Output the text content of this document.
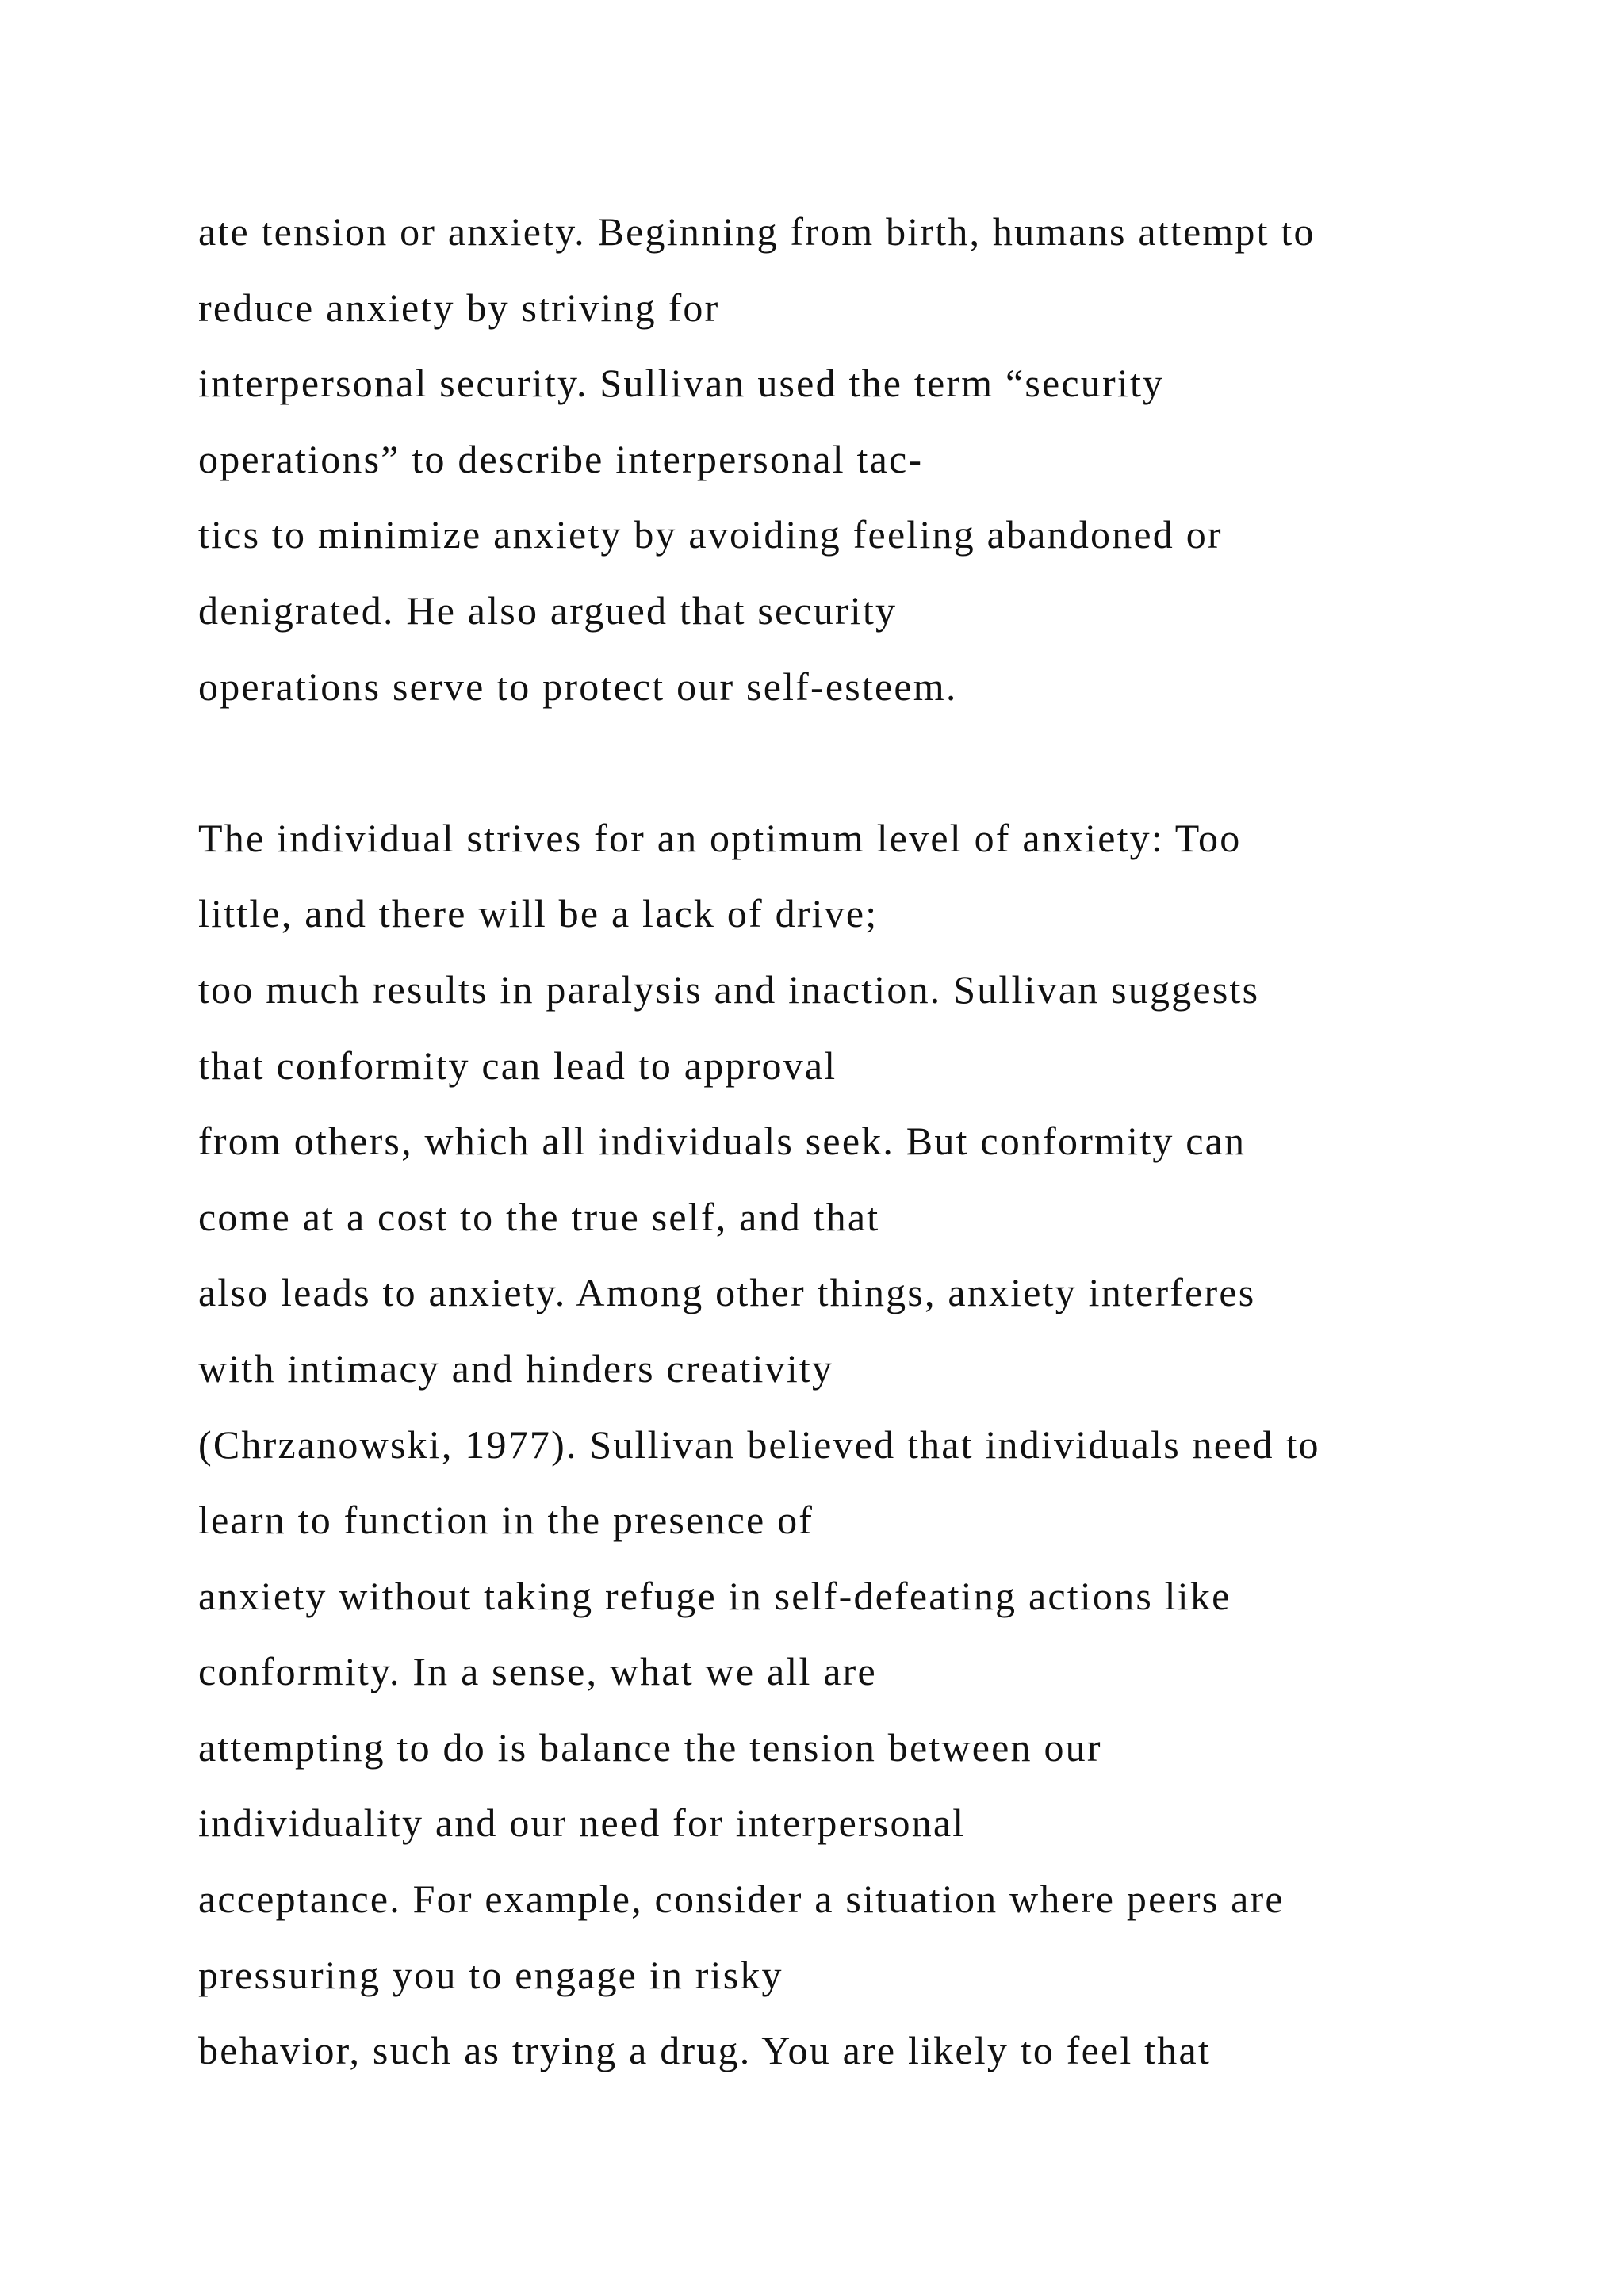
ate tension or anxiety. Beginning from birth, humans attempt to
reduce anxiety by striving for
interpersonal security. Sullivan used the term “security
operations” to describe interpersonal tac-
tics to minimize anxiety by avoiding feeling abandoned or
denigrated. He also argued that security
operations serve to protect our self-esteem.
The individual strives for an optimum level of anxiety: Too
little, and there will be a lack of drive;
too much results in paralysis and inaction. Sullivan suggests
that conformity can lead to approval
from others, which all individuals seek. But conformity can
come at a cost to the true self, and that
also leads to anxiety. Among other things, anxiety interferes
with intimacy and hinders creativity
(Chrzanowski, 1977). Sullivan believed that individuals need to
learn to function in the presence of
anxiety without taking refuge in self-defeating actions like
conformity. In a sense, what we all are
attempting to do is balance the tension between our
individuality and our need for interpersonal
acceptance. For example, consider a situation where peers are
pressuring you to engage in risky
behavior, such as trying a drug. You are likely to feel that
